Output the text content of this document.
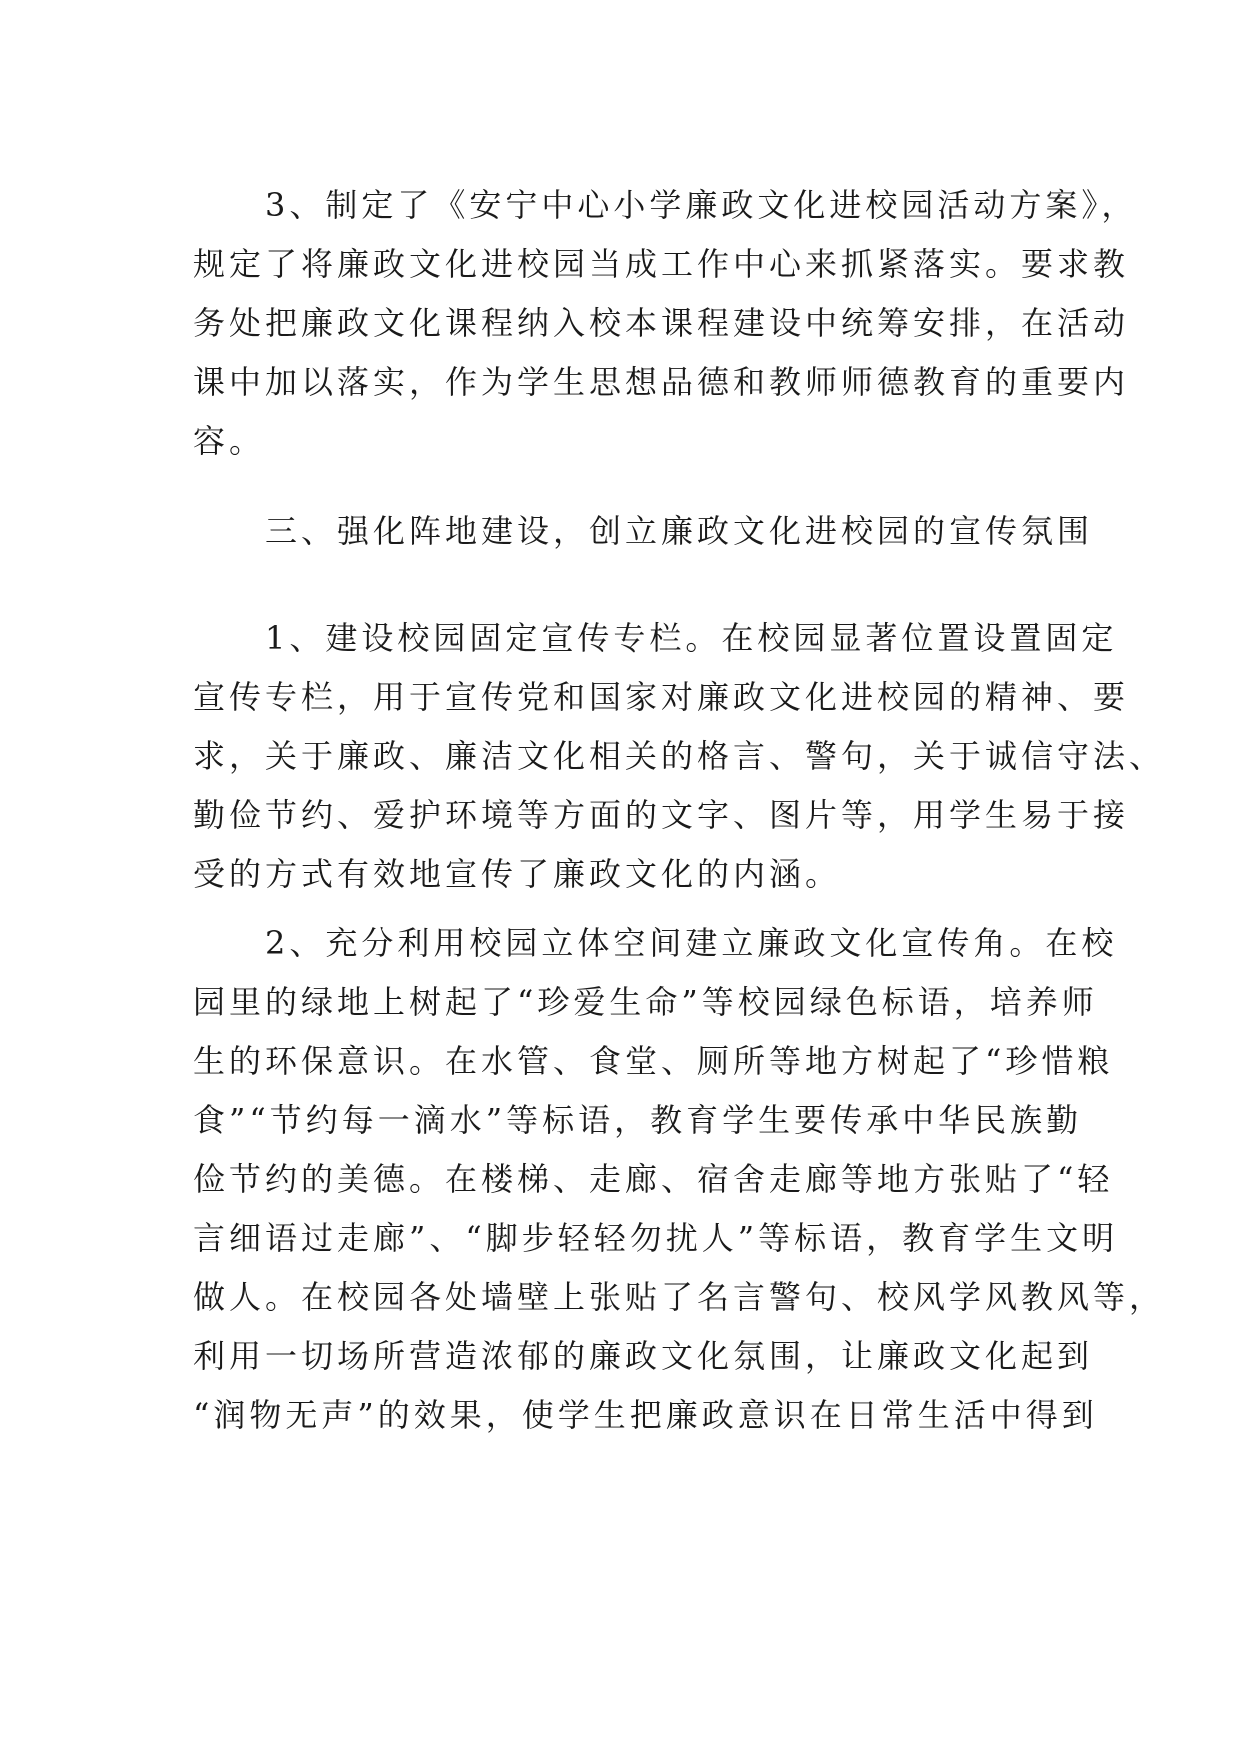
　　3、制定了《安宁中心小学廉政文化进校园活动方案》，
规定了将廉政文化进校园当成工作中心来抓紧落实。要求教
务处把廉政文化课程纳入校本课程建设中统筹安排，在活动
课中加以落实，作为学生思想品德和教师师德教育的重要内
容。
　　三、强化阵地建设，创立廉政文化进校园的宣传氛围
　　1、建设校园固定宣传专栏。在校园显著位置设置固定
宣传专栏，用于宣传党和国家对廉政文化进校园的精神、要
求，关于廉政、廉洁文化相关的格言、警句，关于诚信守法、
勤俭节约、爱护环境等方面的文字、图片等，用学生易于接
受的方式有效地宣传了廉政文化的内涵。
　　2、充分利用校园立体空间建立廉政文化宣传角。在校
园里的绿地上树起了“珍爱生命”等校园绿色标语，培养师
生的环保意识。在水管、食堂、厕所等地方树起了“珍惜粮
食”“节约每一滴水”等标语，教育学生要传承中华民族勤
俭节约的美德。在楼梯、走廊、宿舍走廊等地方张贴了“轻
言细语过走廊”、“脚步轻轻勿扰人”等标语，教育学生文明
做人。在校园各处墙壁上张贴了名言警句、校风学风教风等，
利用一切场所营造浓郁的廉政文化氛围，让廉政文化起到
“润物无声”的效果，使学生把廉政意识在日常生活中得到
